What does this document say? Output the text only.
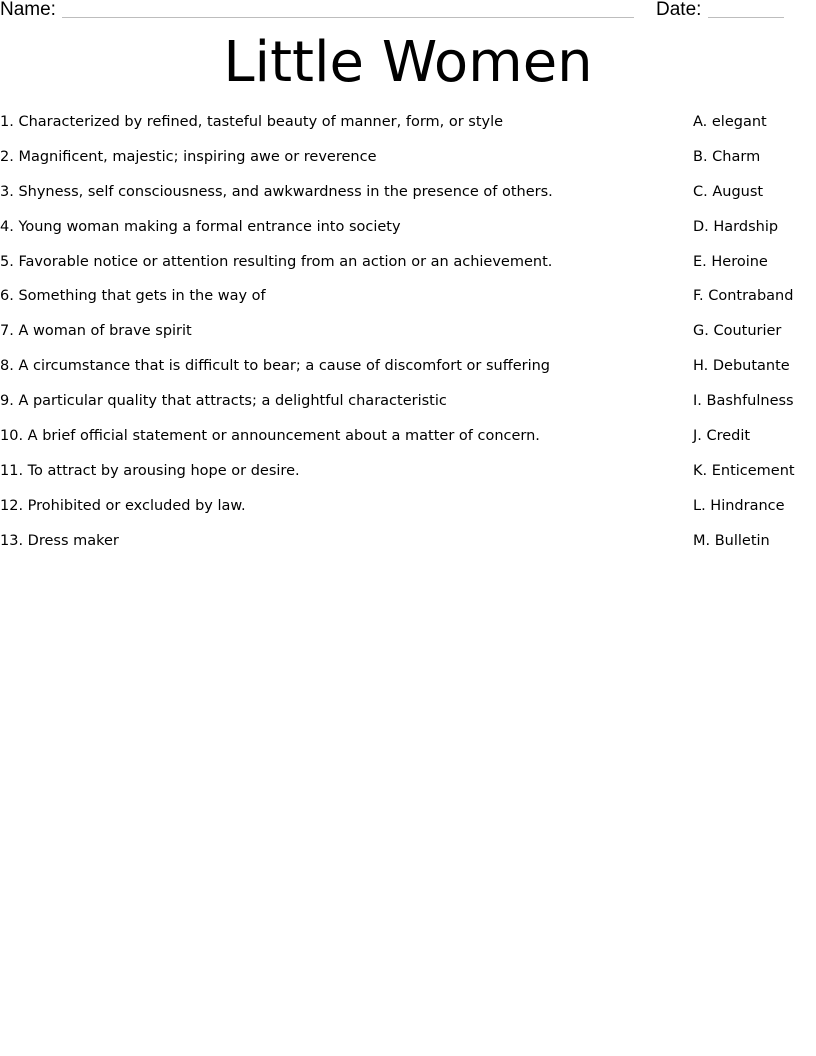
Name:	Date:
Little Women
1. Characterized by refined, tasteful beauty of manner, form, or style
2. Magnificent, majestic; inspiring awe or reverence
3. Shyness, self consciousness, and awkwardness in the presence of others.
4. Young woman making a formal entrance into society
5. Favorable notice or attention resulting from an action or an achievement.
6. Something that gets in the way of
7. A woman of brave spirit
8. A circumstance that is difficult to bear; a cause of discomfort or suffering
9. A particular quality that attracts; a delightful characteristic
10. A brief official statement or announcement about a matter of concern.
11. To attract by arousing hope or desire.
12. Prohibited or excluded by law.
13. Dress maker
A. elegant
B. Charm
C. August
D. Hardship
E. Heroine
F. Contraband
G. Couturier
H. Debutante
I. Bashfulness
J. Credit
K. Enticement
L. Hindrance
M. Bulletin
